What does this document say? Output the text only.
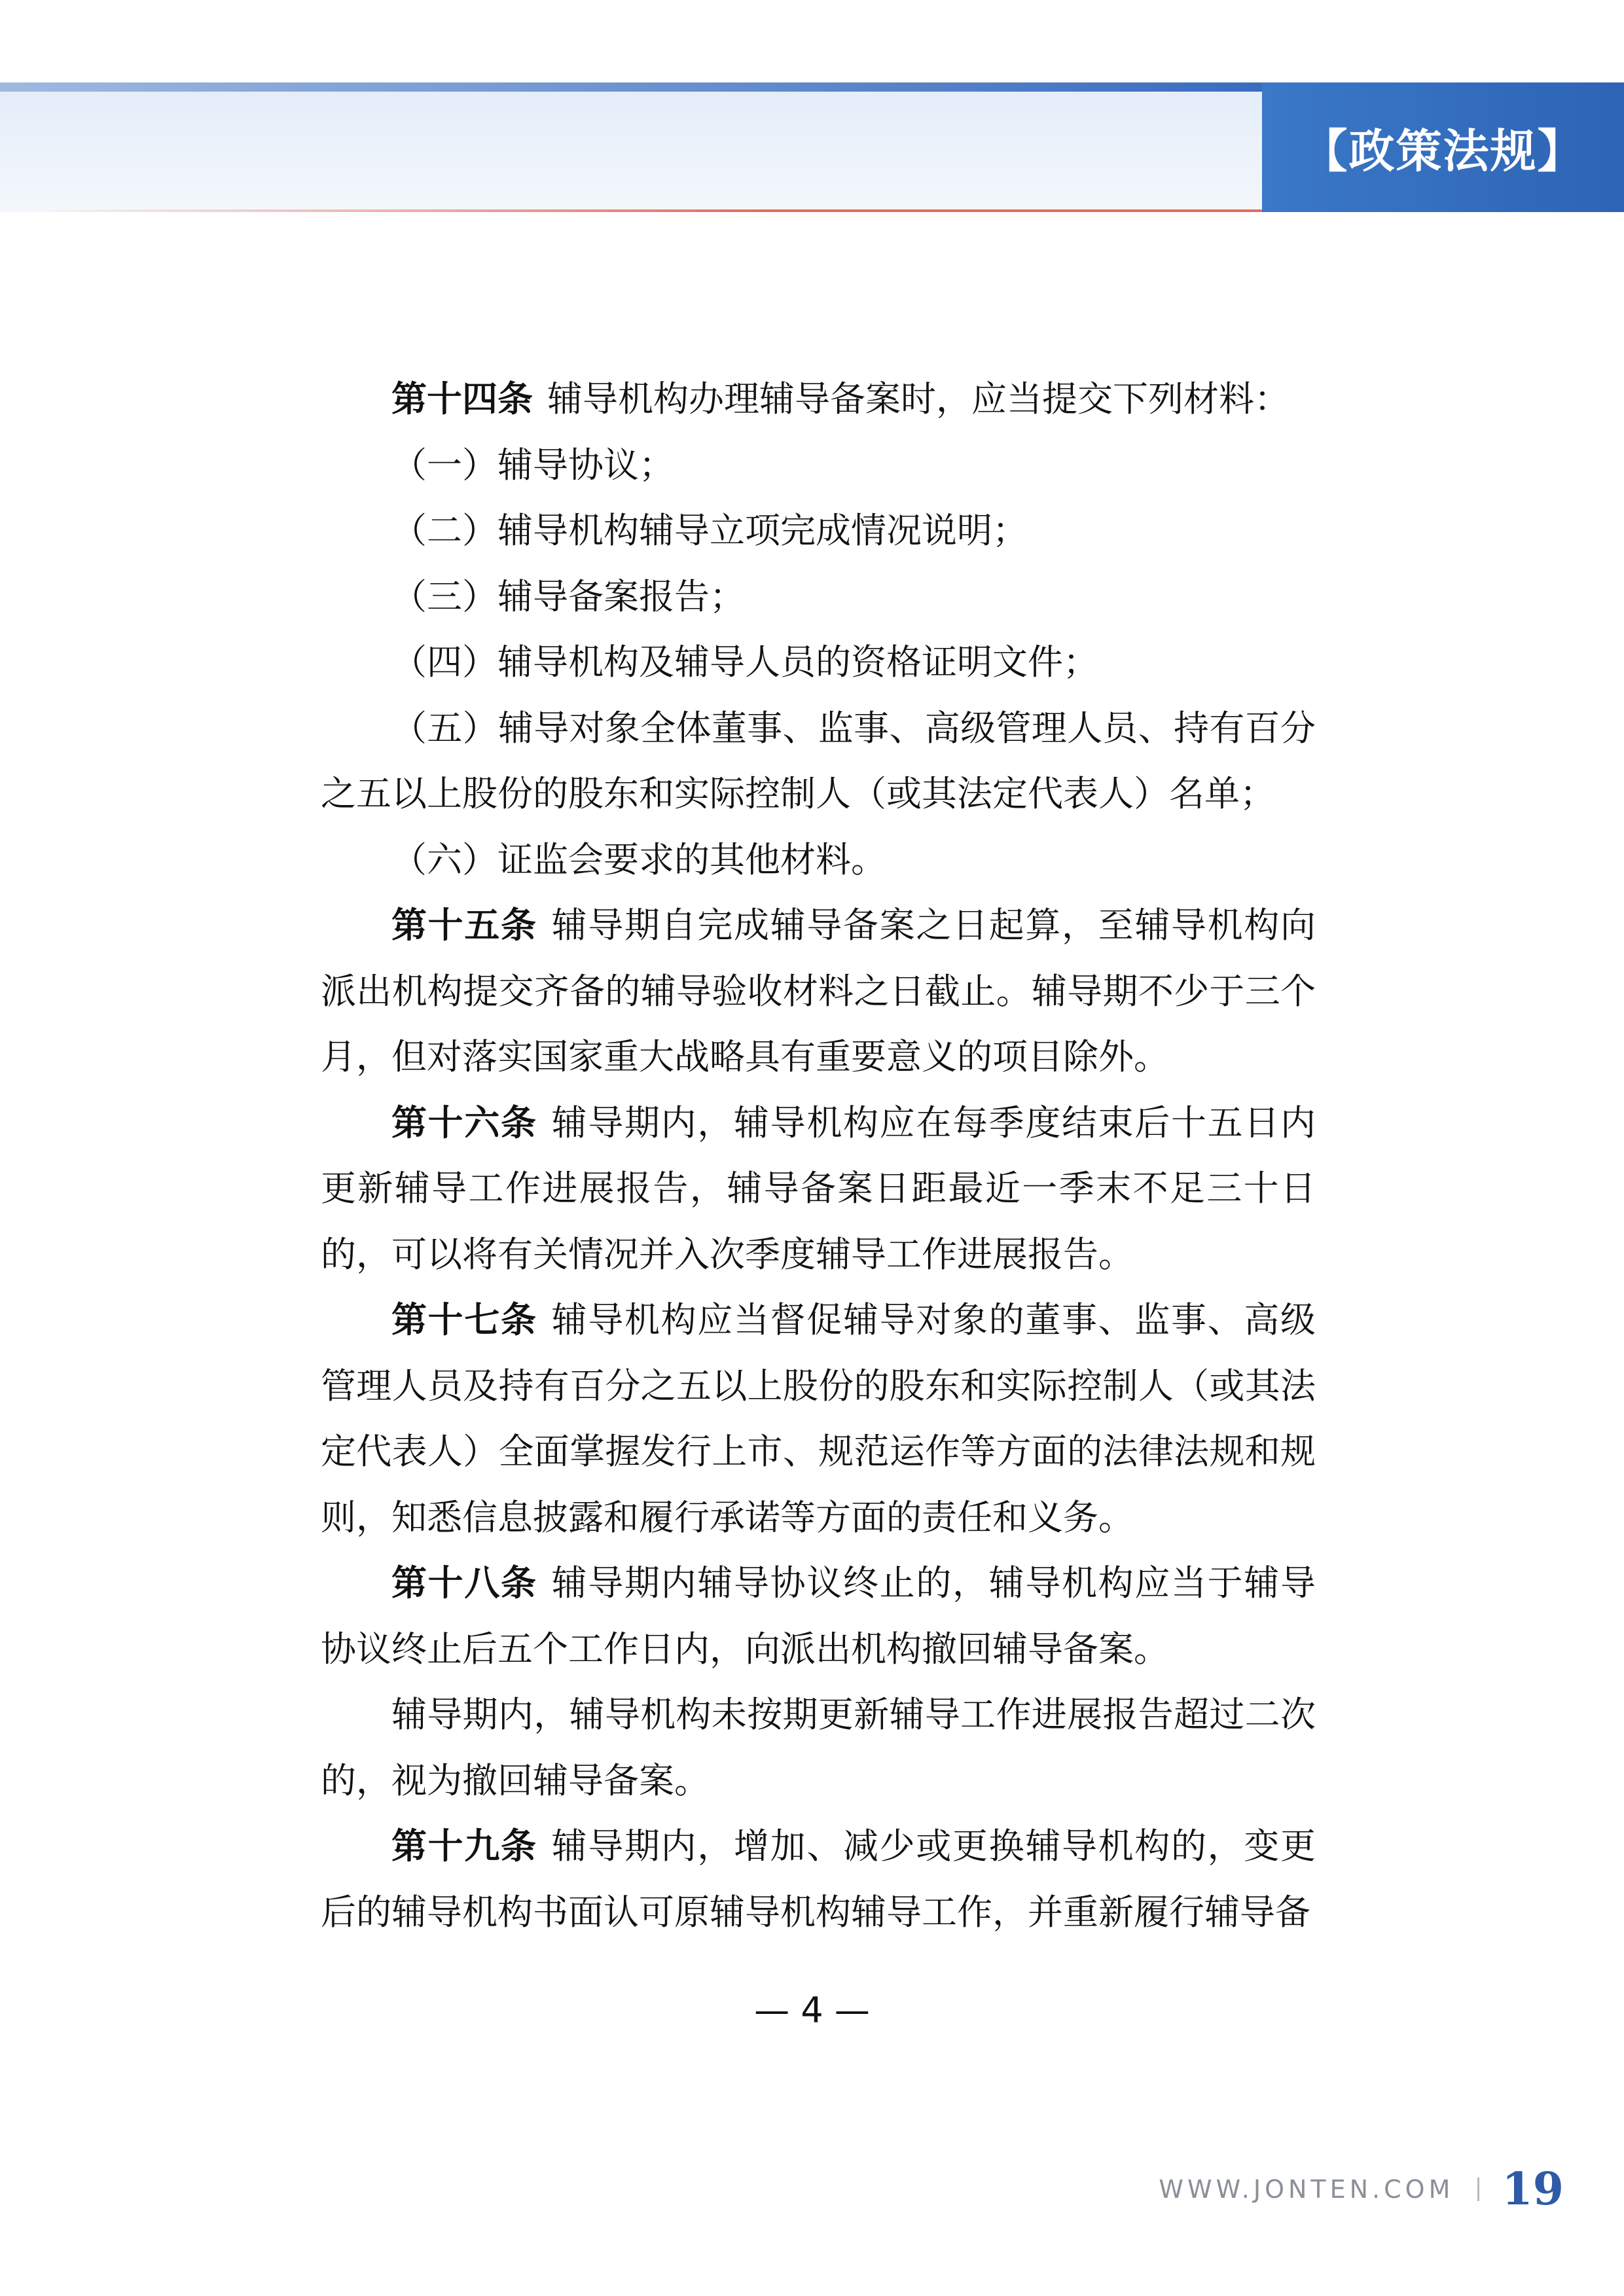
【政策法规】

第十四条 辅导机构办理辅导备案时，应当提交下列材料：

（一）辅导协议；

（二）辅导机构辅导立项完成情况说明；

（三）辅导备案报告；

（四）辅导机构及辅导人员的资格证明文件；

（五）辅导对象全体董事、监事、高级管理人员、持有百分之五以上股份的股东和实际控制人（或其法定代表人）名单；

（六）证监会要求的其他材料。

第十五条 辅导期自完成辅导备案之日起算，至辅导机构向派出机构提交齐备的辅导验收材料之日截止。辅导期不少于三个月，但对落实国家重大战略具有重要意义的项目除外。

第十六条 辅导期内，辅导机构应在每季度结束后十五日内更新辅导工作进展报告，辅导备案日距最近一季末不足三十日的，可以将有关情况并入次季度辅导工作进展报告。

第十七条 辅导机构应当督促辅导对象的董事、监事、高级管理人员及持有百分之五以上股份的股东和实际控制人（或其法定代表人）全面掌握发行上市、规范运作等方面的法律法规和规则，知悉信息披露和履行承诺等方面的责任和义务。

第十八条 辅导期内辅导协议终止的，辅导机构应当于辅导协议终止后五个工作日内，向派出机构撤回辅导备案。

辅导期内，辅导机构未按期更新辅导工作进展报告超过二次的，视为撤回辅导备案。

第十九条 辅导期内，增加、减少或更换辅导机构的，变更后的辅导机构书面认可原辅导机构辅导工作，并重新履行辅导备

— 4 —
WWW.JONTEN.COM 19
